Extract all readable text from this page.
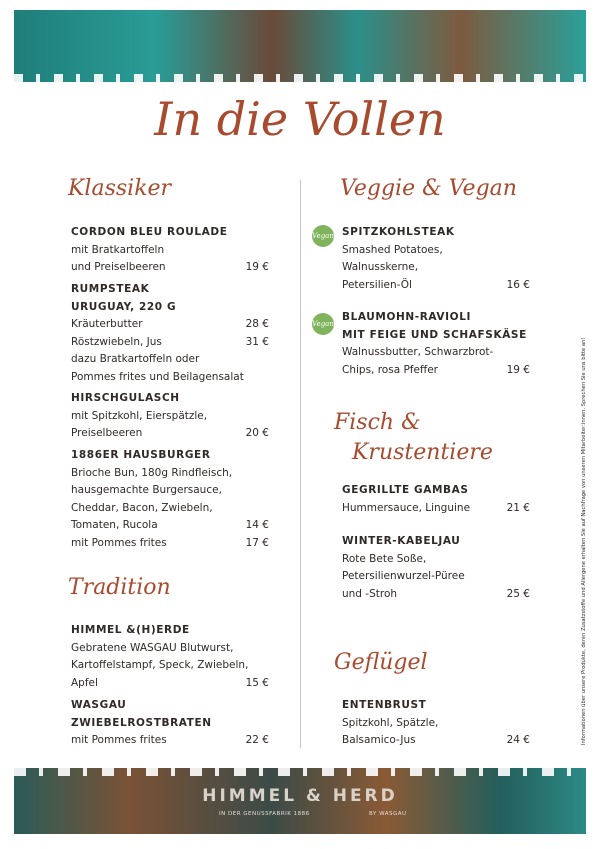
HIMMEL & HERD
IN DER GENUSSFABRIK 1886	BY WASGAU
In die Vollen
Klassiker
CORDON BLEU ROULADE
mit Bratkartoffeln
und Preiselbeeren	19 €
RUMPSTEAK
URUGUAY, 220 G
Kräuterbutter	28 €
Röstzwiebeln, Jus	31 €
dazu Bratkartoffeln oder
Pommes frites und Beilagensalat
HIRSCHGULASCH
mit Spitzkohl, Eierspätzle,
Preiselbeeren	20 €
1886ER HAUSBURGER
Brioche Bun, 180g Rindfleisch,
hausgemachte Burgersauce,
Cheddar, Bacon, Zwiebeln,
Tomaten, Rucola	14 €
mit Pommes frites	17 €
Tradition
HIMMEL &(H)ERDE
Gebratene WASGAU Blutwurst,
Kartoffelstampf, Speck, Zwiebeln,
Apfel	15 €
WASGAU
ZWIEBELROSTBRATEN
mit Pommes frites	22 €
Veggie & Vegan
Vegan SPITZKOHLSTEAK
Smashed Potatoes,
Walnusskerne,
Petersilien-Öl	16 €
Vegan
BLAUMOHN-RAVIOLI
MIT FEIGE UND SCHAFSKÄSE
Walnussbutter, Schwarzbrot-
Chips, rosa Pfeffer	19 €
Fisch &
Krustentiere
GEGRILLTE GAMBAS
Hummersauce, Linguine	21 €
WINTER-KABELJAU
Rote Bete Soße,
Petersilienwurzel-Püree
und -Stroh	25 €
Geflügel
ENTENBRUST
Spitzkohl, Spätzle,
Balsamico-Jus	24 €	Informationen über unsere Produkte, deren Zusatzstoffe und Allergene erhalten Sie auf Nachfrage von unseren Mitarbeiter:innen. Sprechen Sie uns bitte an!
